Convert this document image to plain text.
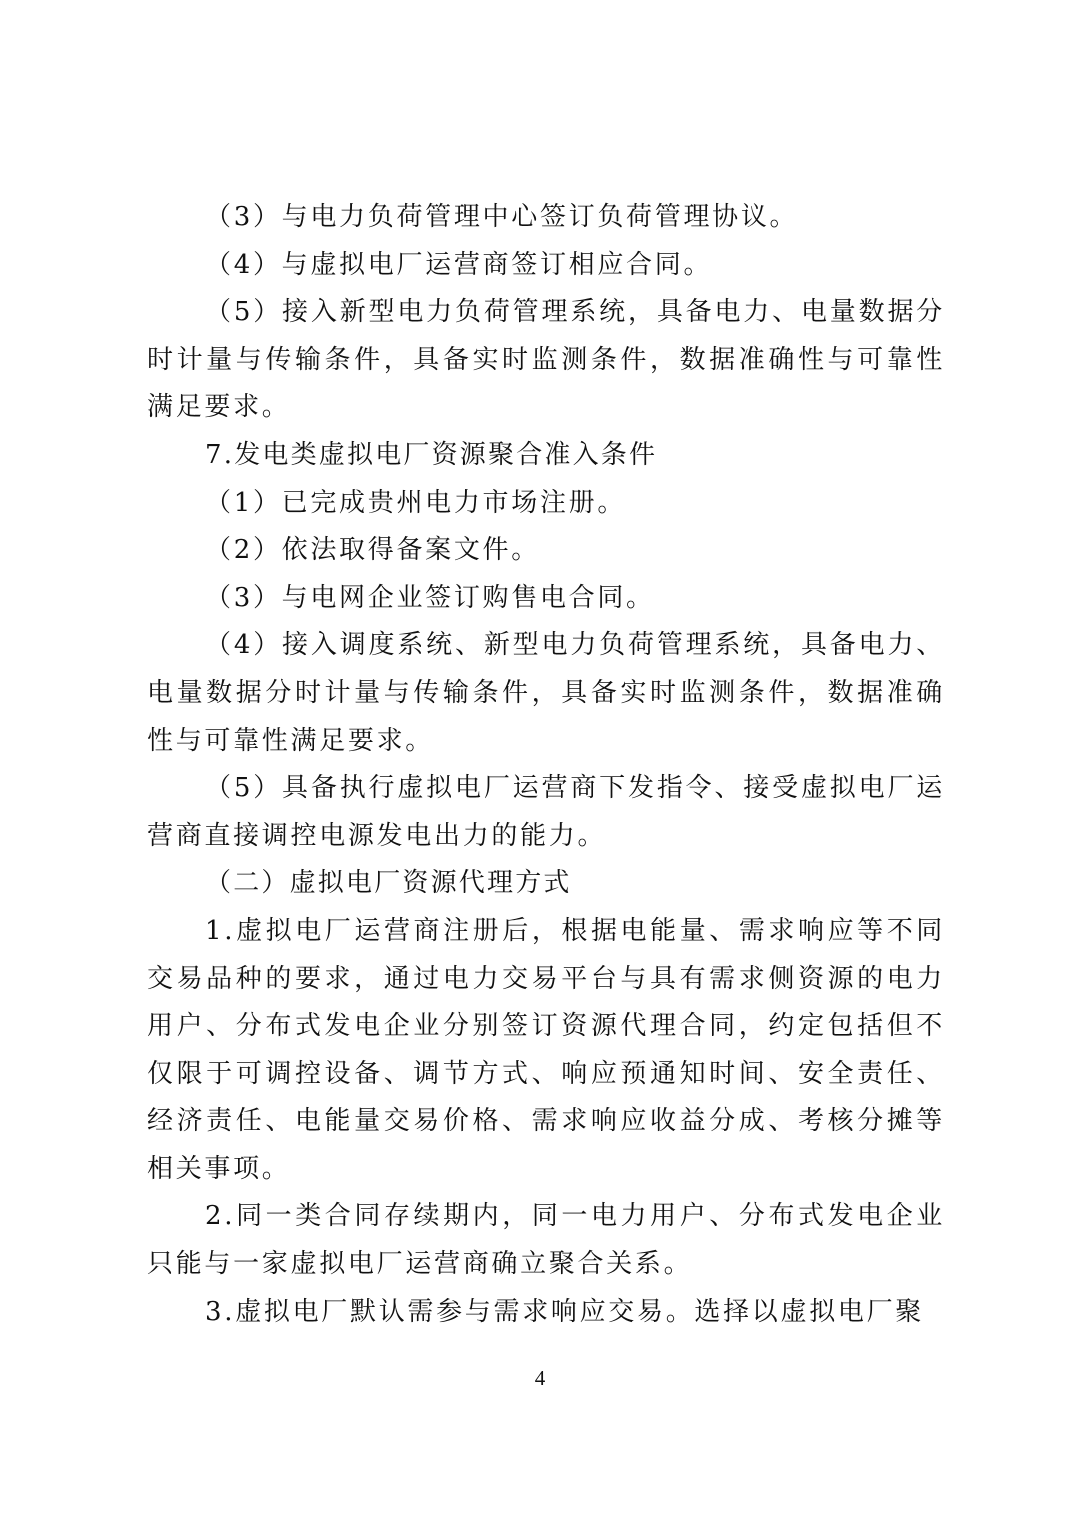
（3）与电力负荷管理中心签订负荷管理协议。

（4）与虚拟电厂运营商签订相应合同。

（5）接入新型电力负荷管理系统，具备电力、电量数据分时计量与传输条件，具备实时监测条件，数据准确性与可靠性满足要求。

7.发电类虚拟电厂资源聚合准入条件

（1）已完成贵州电力市场注册。

（2）依法取得备案文件。

（3）与电网企业签订购售电合同。

（4）接入调度系统、新型电力负荷管理系统，具备电力、电量数据分时计量与传输条件，具备实时监测条件，数据准确性与可靠性满足要求。

（5）具备执行虚拟电厂运营商下发指令、接受虚拟电厂运营商直接调控电源发电出力的能力。

（二）虚拟电厂资源代理方式

1.虚拟电厂运营商注册后，根据电能量、需求响应等不同交易品种的要求，通过电力交易平台与具有需求侧资源的电力用户、分布式发电企业分别签订资源代理合同，约定包括但不仅限于可调控设备、调节方式、响应预通知时间、安全责任、经济责任、电能量交易价格、需求响应收益分成、考核分摊等相关事项。

2.同一类合同存续期内，同一电力用户、分布式发电企业只能与一家虚拟电厂运营商确立聚合关系。

3.虚拟电厂默认需参与需求响应交易。选择以虚拟电厂聚

4
